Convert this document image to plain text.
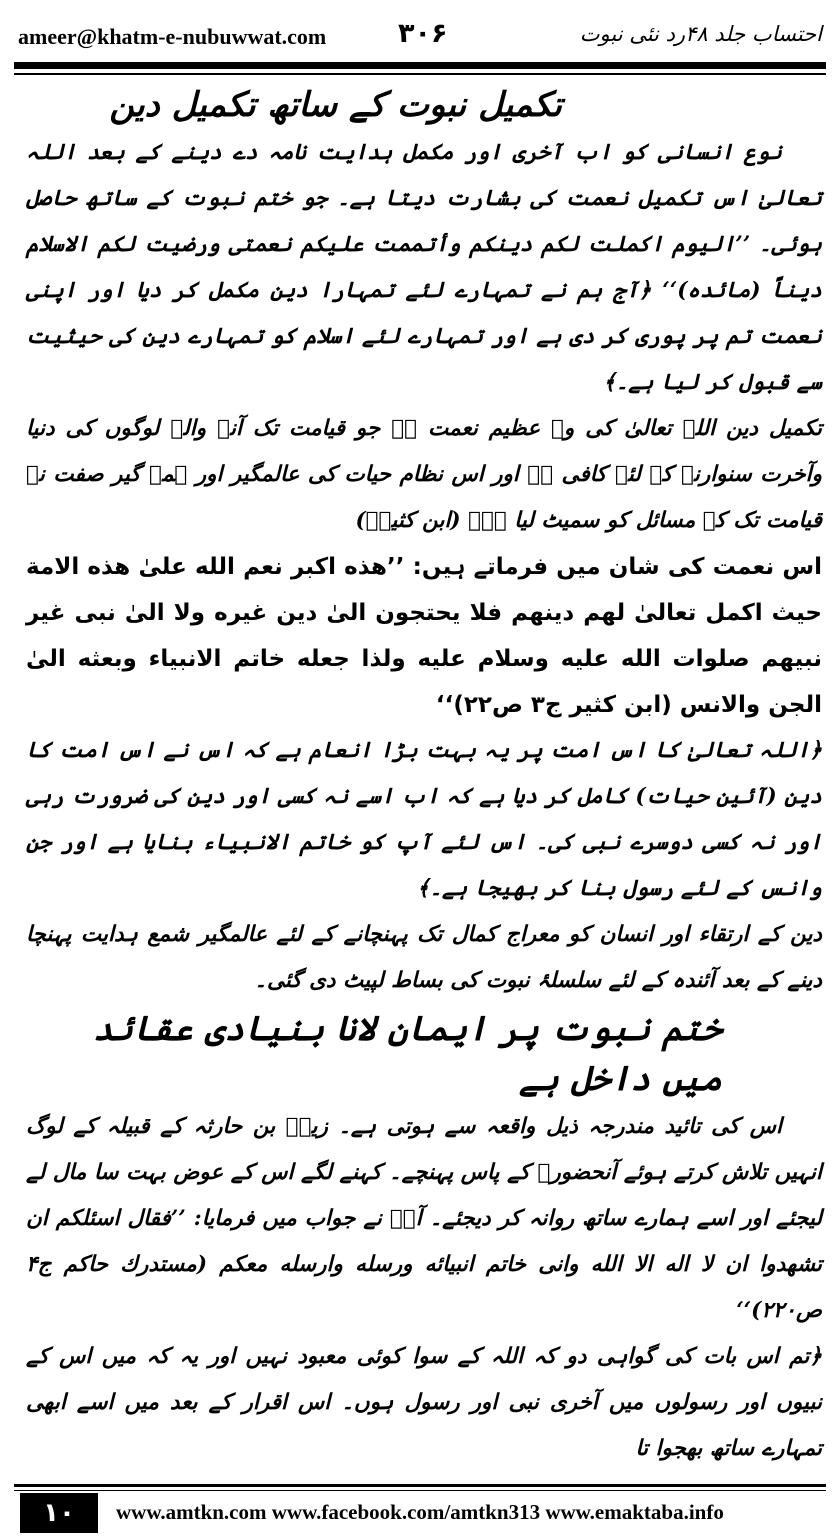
ameer@khatm-e-nubuwwat.com	۳۰۶	احتساب جلد ۴۸رد نئی نبوت
تکمیل نبوت کے ساتھ تکمیل دین

نوع انسانی کو اب آخری اور مکمل ہدایت نامہ دے دینے کے بعد اللہ تعالیٰ اس تکمیل نعمت کی بشارت دیتا ہے۔ جو ختم نبوت کے ساتھ حاصل ہوئی۔ ’’الیوم اکملت لکم دینکم وأتممت علیکم نعمتی ورضیت لکم الاسلام دیناً (مائدہ)‘‘ ﴿آج ہم نے تمہارے لئے تمہارا دین مکمل کر دیا اور اپنی نعمت تم پر پوری کر دی ہے اور تمہارے لئے اسلام کو تمہارے دین کی حیثیت سے قبول کر لیا ہے۔﴾

تکمیل دین اللہ تعالیٰ کی وہ عظیم نعمت ہے جو قیامت تک آنے والے لوگوں کی دنیا وآخرت سنوارنے کے لئے کافی ہے اور اس نظام حیات کی عالمگیر اور ہمہ گیر صفت نے قیامت تک کے مسائل کو سمیٹ لیا ہے۔ (ابن کثیرؒ)

اس نعمت کی شان میں فرماتے ہیں: ’’هذه اكبر نعم الله علىٰ هذه الامة حيث اكمل تعالىٰ لهم دينهم فلا يحتجون الىٰ دين غيره ولا الىٰ نبى غير نبيهم صلوات الله عليه وسلام عليه ولذا جعله خاتم الانبياء وبعثه الىٰ الجن والانس (ابن كثير ج۳ ص۲۲)‘‘

﴿اللہ تعالیٰ کا اس امت پر یہ بہت بڑا انعام ہے کہ اس نے اس امت کا دین (آئین حیات) کامل کر دیا ہے کہ اب اسے نہ کسی اور دین کی ضرورت رہی اور نہ کسی دوسرے نبی کی۔ اس لئے آپ کو خاتم الانبیاء بنایا ہے اور جن وانس کے لئے رسول بنا کر بھیجا ہے۔﴾

دین کے ارتقاء اور انسان کو معراج کمال تک پہنچانے کے لئے عالمگیر شمع ہدایت پہنچا دینے کے بعد آئندہ کے لئے سلسلۂ نبوت کی بساط لپیٹ دی گئی۔

ختم نبوت پر ایمان لانا بنیادی عقائد میں داخل ہے

اس کی تائید مندرجہ ذیل واقعہ سے ہوتی ہے۔ زیدؓ بن حارثہ کے قبیلہ کے لوگ انہیں تلاش کرتے ہوئے آنحضورﷺ کے پاس پہنچے۔ کہنے لگے اس کے عوض بہت سا مال لے لیجئے اور اسے ہمارے ساتھ روانہ کر دیجئے۔ آپؐ نے جواب میں فرمایا: ’’فقال اسئلكم ان تشهدوا ان لا اله الا الله وانى خاتم انبيائه ورسله وارسله معكم (مستدرك حاكم ج۴ ص۲۲۰)‘‘

﴿تم اس بات کی گواہی دو کہ اللہ کے سوا کوئی معبود نہیں اور یہ کہ میں اس کے نبیوں اور رسولوں میں آخری نبی اور رسول ہوں۔ اس اقرار کے بعد میں اسے ابھی تمہارے ساتھ بھجوا تا

۱۰	www.amtkn.com www.facebook.com/amtkn313 www.emaktaba.info
